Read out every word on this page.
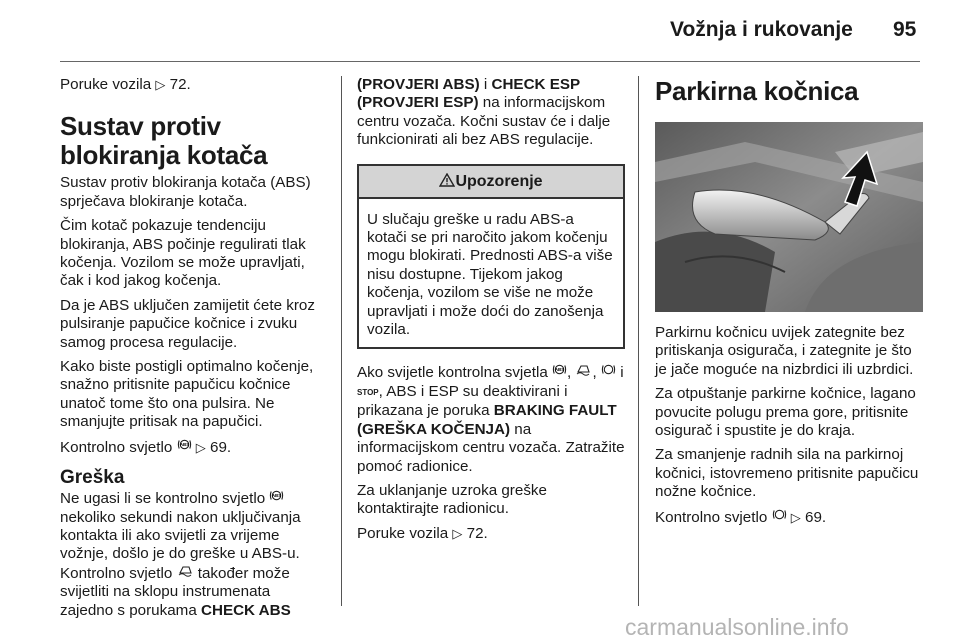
Vožnja i rukovanje 95

Poruke vozila ▷ 72.

Sustav protiv blokiranja kotača

Sustav protiv blokiranja kotača (ABS) sprječava blokiranje kotača.

Čim kotač pokazuje tendenciju blokiranja, ABS počinje regulirati tlak kočenja. Vozilom se može upravljati, čak i kod jakog kočenja.

Da je ABS uključen zamijetit ćete kroz pulsiranje papučice kočnice i zvuku samog procesa regulacije.

Kako biste postigli optimalno kočenje, snažno pritisnite papučicu kočnice unatoč tome što ona pulsira. Ne smanjujte pritisak na papučici.

Kontrolno svjetlo ABS ▷ 69.

Greška

Ne ugasi li se kontrolno svjetlo ABS
nekoliko sekundi nakon uključivanja kontakta ili ako svijetli za vrijeme vožnje, došlo je do greške u ABS-u. Kontrolno svjetlo također može svijetliti na sklopu instrumenata zajedno s porukama CHECK ABS

(PROVJERI ABS) i CHECK ESP (PROVJERI ESP) na informacijskom centru vozača. Kočni sustav će i dalje funkcionirati ali bez ABS regulacije.

Upozorenje
U slučaju greške u radu ABS-a kotači se pri naročito jakom kočenju mogu blokirati. Prednosti ABS-a više nisu dostupne. Tijekom jakog kočenja, vozilom se više ne može upravljati i može doći do zanošenja vozila.

Ako svijetle kontrolna svjetla ABS , , i STOP, ABS i ESP su deaktivirani i prikazana je poruka BRAKING FAULT (GREŠKA KOČENJA) na informacijskom centru vozača. Zatražite pomoć radionice.

Za uklanjanje uzroka greške kontaktirajte radionicu.

Poruke vozila ▷ 72.

Parkirna kočnica

Parkirnu kočnicu uvijek zategnite bez pritiskanja osigurača, i zategnite je što je jače moguće na nizbrdici ili uzbrdici.

Za otpuštanje parkirne kočnice, lagano povucite polugu prema gore, pritisnite osigurač i spustite je do kraja.

Za smanjenje radnih sila na parkirnoj kočnici, istovremeno pritisnite papučicu nožne kočnice.

Kontrolno svjetlo ▷ 69.

carmanualsonline.info
